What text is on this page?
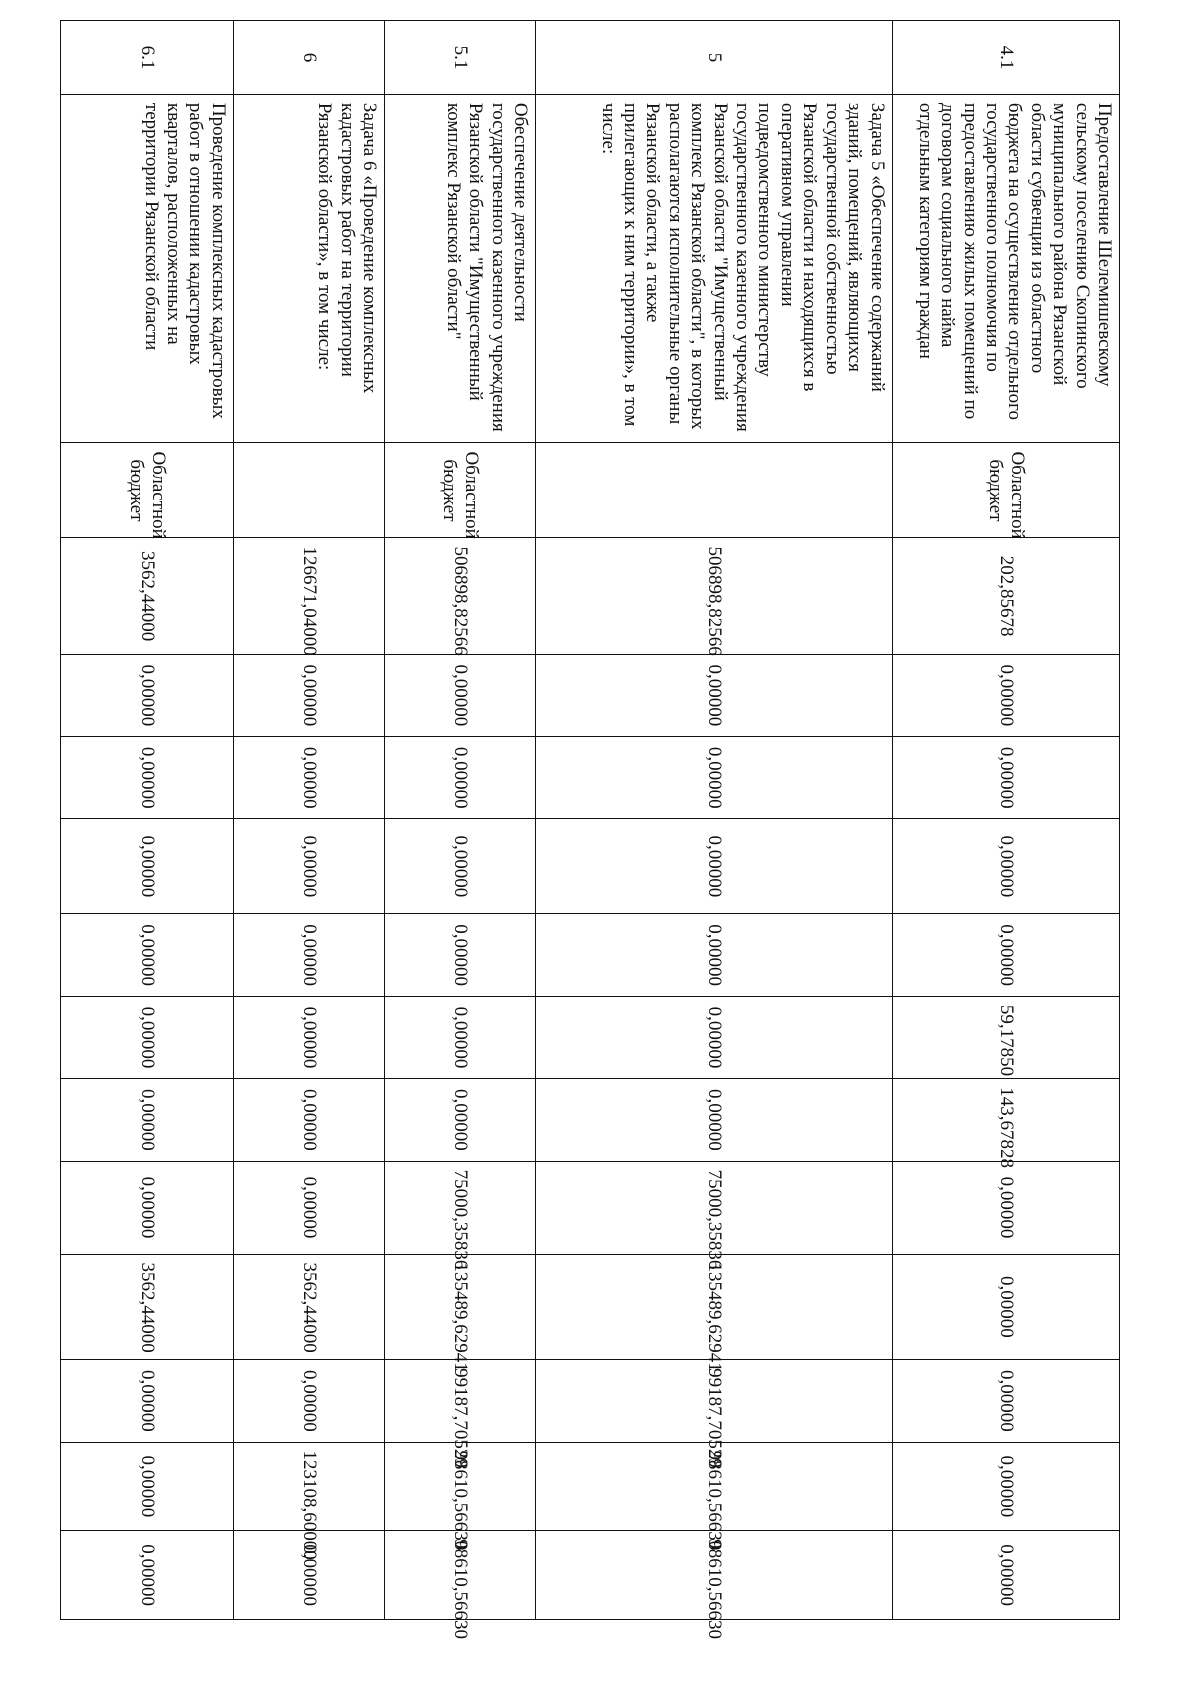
4.1	Предоставление Шелемишевскому сельскому поселению Скопинского муниципального района Рязанской области субвенции из областного бюджета на осуществление отдельного государственного полномочия по предоставлению жилых помещений по договорам социального найма отдельным категориям граждан	Областной бюджет	202,85678	0,00000	0,00000	0,00000	0,00000	59,17850	143,67828	0,00000	0,00000	0,00000	0,00000	0,00000
5	Задача 5 «Обеспечение содержаний зданий, помещений, являющихся государственной собственностью Рязанской области и находящихся в оперативном управлении подведомственного министерству государственного казенного учреждения Рязанской области "Имущественный комплекс Рязанской области", в которых располагаются исполнительные органы Рязанской области, а также прилегающих к ним территории», в том числе:		506898,82566	0,00000	0,00000	0,00000	0,00000	0,00000	0,00000	75000,35836	135489,62941	99187,70529	98610,56630	98610,56630
5.1	Обеспечение деятельности государственного казенного учреждения Рязанской области "Имущественный комплекс Рязанской области"	Областной бюджет	506898,82566	0,00000	0,00000	0,00000	0,00000	0,00000	0,00000	75000,35836	135489,62941	99187,70529	98610,56630	98610,56630
6	Задача 6 «Проведение комплексных кадастровых работ на территории Рязанской области», в том числе:		126671,04000	0,00000	0,00000	0,00000	0,00000	0,00000	0,00000	0,00000	3562,44000	0,00000	123108,60000	0,00000
6.1	Проведение комплексных кадастровых работ в отношении кадастровых кварталов, расположенных на территории Рязанской области	Областной бюджет	3562,44000	0,00000	0,00000	0,00000	0,00000	0,00000	0,00000	0,00000	3562,44000	0,00000	0,00000	0,00000
